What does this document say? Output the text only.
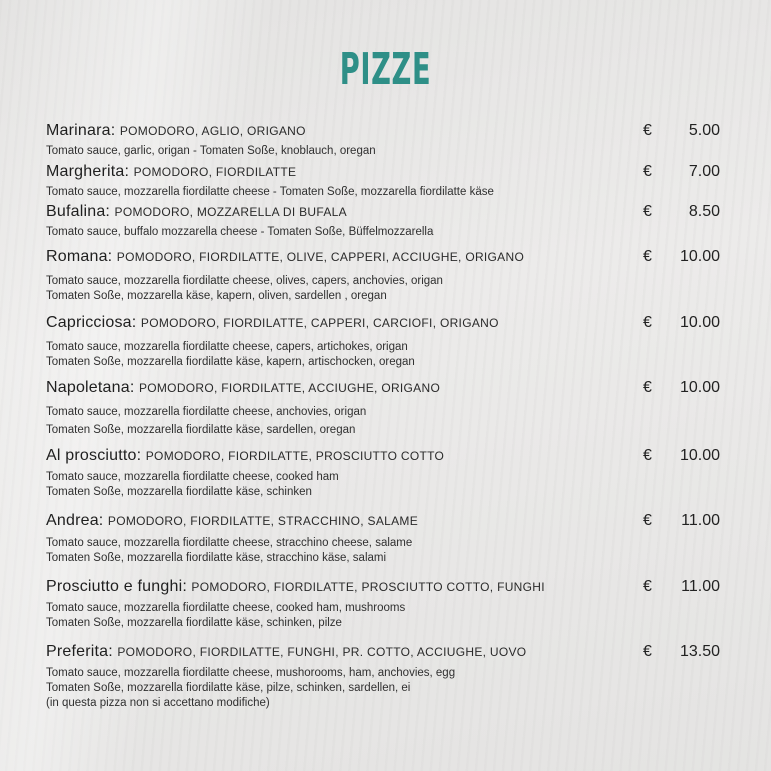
PIZZE
Marinara: POMODORO, AGLIO, ORIGANO	€	5.00
Tomato sauce, garlic, origan - Tomaten Soße, knoblauch, oregan
Margherita: POMODORO, FIORDILATTE	€	7.00
Tomato sauce, mozzarella fiordilatte cheese - Tomaten Soße, mozzarella fiordilatte käse
Bufalina: POMODORO, MOZZARELLA DI BUFALA	€	8.50
Tomato sauce, buffalo mozzarella cheese - Tomaten Soße, Büffelmozzarella
Romana: POMODORO, FIORDILATTE, OLIVE, CAPPERI, ACCIUGHE, ORIGANO	€	10.00
Tomato sauce, mozzarella fiordilatte cheese, olives, capers, anchovies, origan
Tomaten Soße, mozzarella käse, kapern, oliven, sardellen , oregan
Capricciosa: POMODORO, FIORDILATTE, CAPPERI, CARCIOFI, ORIGANO	€	10.00
Tomato sauce, mozzarella fiordilatte cheese, capers, artichokes, origan
Tomaten Soße, mozzarella fiordilatte käse, kapern, artischocken, oregan
Napoletana: POMODORO, FIORDILATTE, ACCIUGHE, ORIGANO	€	10.00
Tomato sauce, mozzarella fiordilatte cheese, anchovies, origan
Tomaten Soße, mozzarella fiordilatte käse, sardellen, oregan
Al prosciutto: POMODORO, FIORDILATTE, PROSCIUTTO COTTO	€	10.00
Tomato sauce, mozzarella fiordilatte cheese, cooked ham
Tomaten Soße, mozzarella fiordilatte käse, schinken
Andrea: POMODORO, FIORDILATTE, STRACCHINO, SALAME	€	11.00
Tomato sauce, mozzarella fiordilatte cheese, stracchino cheese, salame
Tomaten Soße, mozzarella fiordilatte käse, stracchino käse, salami
Prosciutto e funghi: POMODORO, FIORDILATTE, PROSCIUTTO COTTO, FUNGHI	€	11.00
Tomato sauce, mozzarella fiordilatte cheese, cooked ham, mushrooms
Tomaten Soße, mozzarella fiordilatte käse, schinken, pilze
Preferita: POMODORO, FIORDILATTE, FUNGHI, PR. COTTO, ACCIUGHE, UOVO	€	13.50
Tomato sauce, mozzarella fiordilatte cheese, mushorooms, ham, anchovies, egg
Tomaten Soße, mozzarella fiordilatte käse, pilze, schinken, sardellen, ei
(in questa pizza non si accettano modifiche)
